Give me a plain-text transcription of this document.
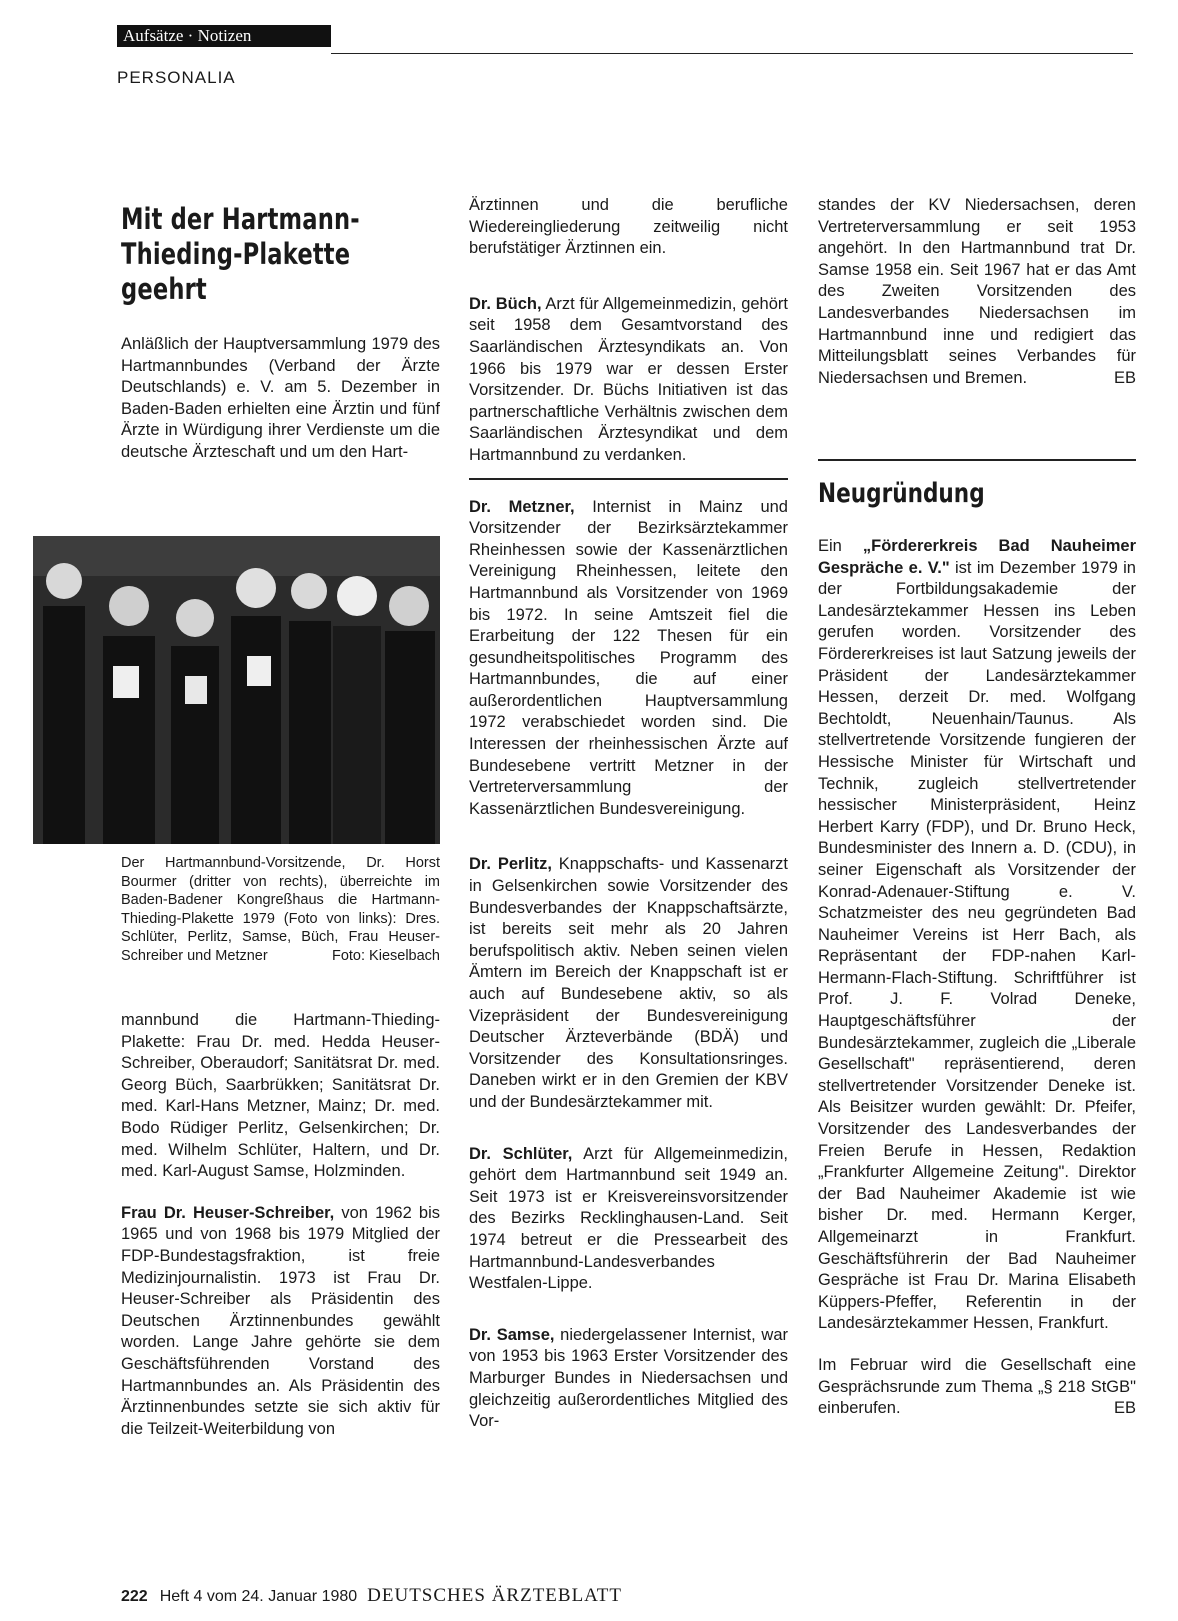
Aufsätze · Notizen
PERSONALIA
Mit der Hartmann-Thieding-Plakette geehrt

Anläßlich der Hauptversammlung 1979 des Hartmannbundes (Verband der Ärzte Deutschlands) e. V. am 5. Dezember in Baden-Baden erhielten eine Ärztin und fünf Ärzte in Würdigung ihrer Verdienste um die deutsche Ärzteschaft und um den Hart-

Der Hartmannbund-Vorsitzende, Dr. Horst Bourmer (dritter von rechts), überreichte im Baden-Badener Kongreßhaus die Hartmann-Thieding-Plakette 1979 (Foto von links): Dres. Schlüter, Perlitz, Samse, Büch, Frau Heuser-Schreiber und Metzner	Foto: Kieselbach

mannbund die Hartmann-Thieding-Plakette: Frau Dr. med. Hedda Heuser-Schreiber, Oberaudorf; Sanitätsrat Dr. med. Georg Büch, Saarbrükken; Sanitätsrat Dr. med. Karl-Hans Metzner, Mainz; Dr. med. Bodo Rüdiger Perlitz, Gelsenkirchen; Dr. med. Wilhelm Schlüter, Haltern, und Dr. med. Karl-August Samse, Holzminden.

Frau Dr. Heuser-Schreiber, von 1962 bis 1965 und von 1968 bis 1979 Mitglied der FDP-Bundestagsfraktion, ist freie Medizinjournalistin. 1973 ist Frau Dr. Heuser-Schreiber als Präsidentin des Deutschen Ärztinnenbundes gewählt worden. Lange Jahre gehörte sie dem Geschäftsführenden Vorstand des Hartmannbundes an. Als Präsidentin des Ärztinnenbundes setzte sie sich aktiv für die Teilzeit-Weiterbildung von

Ärztinnen und die berufliche Wiedereingliederung zeitweilig nicht berufstätiger Ärztinnen ein.

Dr. Büch, Arzt für Allgemeinmedizin, gehört seit 1958 dem Gesamtvorstand des Saarländischen Ärztesyndikats an. Von 1966 bis 1979 war er dessen Erster Vorsitzender. Dr. Büchs Initiativen ist das partnerschaftliche Verhältnis zwischen dem Saarländischen Ärztesyndikat und dem Hartmannbund zu verdanken.

Dr. Metzner, Internist in Mainz und Vorsitzender der Bezirksärztekammer Rheinhessen sowie der Kassenärztlichen Vereinigung Rheinhessen, leitete den Hartmannbund als Vorsitzender von 1969 bis 1972. In seine Amtszeit fiel die Erarbeitung der 122 Thesen für ein gesundheitspolitisches Programm des Hartmannbundes, die auf einer außerordentlichen Hauptversammlung 1972 verabschiedet worden sind. Die Interessen der rheinhessischen Ärzte auf Bundesebene vertritt Metzner in der Vertreterversammlung der Kassenärztlichen Bundesvereinigung.

Dr. Perlitz, Knappschafts- und Kassenarzt in Gelsenkirchen sowie Vorsitzender des Bundesverbandes der Knappschaftsärzte, ist bereits seit mehr als 20 Jahren berufspolitisch aktiv. Neben seinen vielen Ämtern im Bereich der Knappschaft ist er auch auf Bundesebene aktiv, so als Vizepräsident der Bundesvereinigung Deutscher Ärzteverbände (BDÄ) und Vorsitzender des Konsultationsringes. Daneben wirkt er in den Gremien der KBV und der Bundesärztekammer mit.

Dr. Schlüter, Arzt für Allgemeinmedizin, gehört dem Hartmannbund seit 1949 an. Seit 1973 ist er Kreisvereinsvorsitzender des Bezirks Recklinghausen-Land. Seit 1974 betreut er die Pressearbeit des Hartmannbund-Landesverbandes Westfalen-Lippe.

Dr. Samse, niedergelassener Internist, war von 1953 bis 1963 Erster Vorsitzender des Marburger Bundes in Niedersachsen und gleichzeitig außerordentliches Mitglied des Vor-

standes der KV Niedersachsen, deren Vertreterversammlung er seit 1953 angehört. In den Hartmannbund trat Dr. Samse 1958 ein. Seit 1967 hat er das Amt des Zweiten Vorsitzenden des Landesverbandes Niedersachsen im Hartmannbund inne und redigiert das Mitteilungsblatt seines Verbandes für Niedersachsen und Bremen.	EB

Neugründung

Ein „Fördererkreis Bad Nauheimer Gespräche e. V." ist im Dezember 1979 in der Fortbildungsakademie der Landesärztekammer Hessen ins Leben gerufen worden. Vorsitzender des Fördererkreises ist laut Satzung jeweils der Präsident der Landesärztekammer Hessen, derzeit Dr. med. Wolfgang Bechtoldt, Neuenhain/Taunus. Als stellvertretende Vorsitzende fungieren der Hessische Minister für Wirtschaft und Technik, zugleich stellvertretender hessischer Ministerpräsident, Heinz Herbert Karry (FDP), und Dr. Bruno Heck, Bundesminister des Innern a. D. (CDU), in seiner Eigenschaft als Vorsitzender der Konrad-Adenauer-Stiftung e. V. Schatzmeister des neu gegründeten Bad Nauheimer Vereins ist Herr Bach, als Repräsentant der FDP-nahen Karl-Hermann-Flach-Stiftung. Schriftführer ist Prof. J. F. Volrad Deneke, Hauptgeschäftsführer der Bundesärztekammer, zugleich die „Liberale Gesellschaft" repräsentierend, deren stellvertretender Vorsitzender Deneke ist. Als Beisitzer wurden gewählt: Dr. Pfeifer, Vorsitzender des Landesverbandes der Freien Berufe in Hessen, Redaktion „Frankfurter Allgemeine Zeitung". Direktor der Bad Nauheimer Akademie ist wie bisher Dr. med. Hermann Kerger, Allgemeinarzt in Frankfurt. Geschäftsführerin der Bad Nauheimer Gespräche ist Frau Dr. Marina Elisabeth Küppers-Pfeffer, Referentin in der Landesärztekammer Hessen, Frankfurt.

Im Februar wird die Gesellschaft eine Gesprächsrunde zum Thema „§ 218 StGB" einberufen.	EB

222 Heft 4 vom 24. Januar 1980 DEUTSCHES ÄRZTEBLATT
